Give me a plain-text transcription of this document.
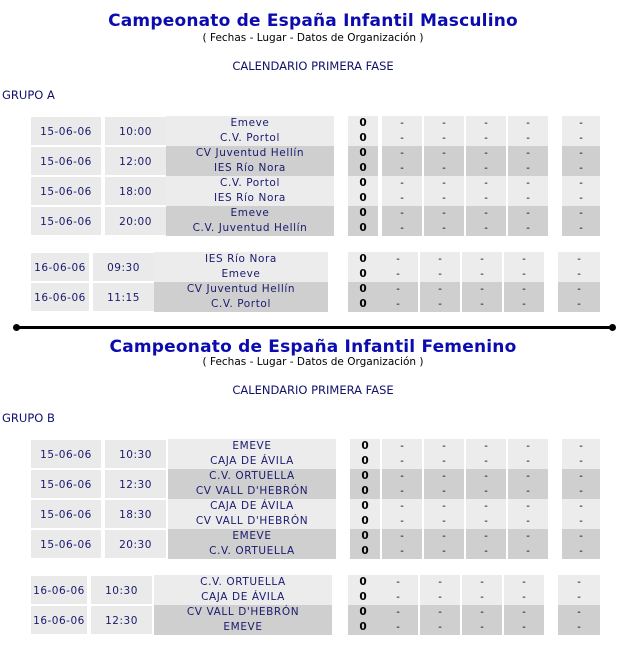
Campeonato de España Infantil Masculino
( Fechas - Lugar - Datos de Organización )
CALENDARIO PRIMERA FASE
GRUPO A
15-06-06	10:00
Emeve	0	-	-	-	-	-
C.V. Portol	0	-	-	-	-	-
15-06-06	12:00
CV Juventud Hellín	0	-	-	-	-	-
IES Río Nora	0	-	-	-	-	-
15-06-06	18:00
C.V. Portol	0	-	-	-	-	-
IES Río Nora	0	-	-	-	-	-
15-06-06	20:00
Emeve	0	-	-	-	-	-
C.V. Juventud Hellín	0	-	-	-	-	-
16-06-06	09:30
IES Río Nora	0	-	-	-	-	-
Emeve	0	-	-	-	-	-
16-06-06	11:15
CV Juventud Hellín	0	-	-	-	-	-
C.V. Portol	0	-	-	-	-	-
Campeonato de España Infantil Femenino
( Fechas - Lugar - Datos de Organización )
CALENDARIO PRIMERA FASE
GRUPO B
15-06-06	10:30
EMEVE	0	-	-	-	-	-
CAJA DE ÁVILA	0	-	-	-	-	-
15-06-06	12:30
C.V. ORTUELLA	0	-	-	-	-	-
CV VALL D'HEBRÓN	0	-	-	-	-	-
15-06-06	18:30
CAJA DE ÁVILA	0	-	-	-	-	-
CV VALL D'HEBRÓN	0	-	-	-	-	-
15-06-06	20:30
EMEVE	0	-	-	-	-	-
C.V. ORTUELLA	0	-	-	-	-	-
16-06-06	10:30
C.V. ORTUELLA	0	-	-	-	-	-
CAJA DE ÁVILA	0	-	-	-	-	-
16-06-06	12:30
CV VALL D'HEBRÓN	0	-	-	-	-	-
EMEVE	0	-	-	-	-	-
